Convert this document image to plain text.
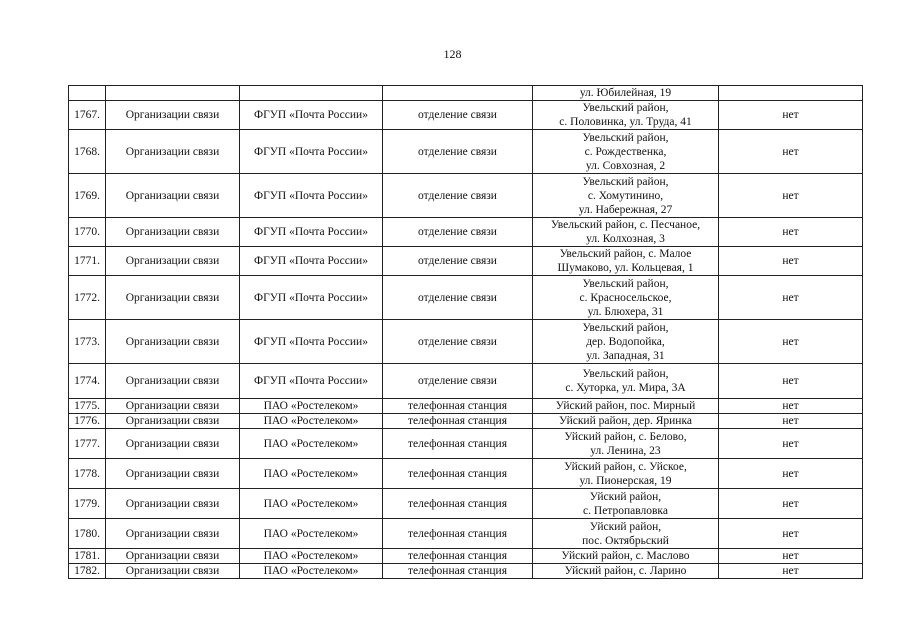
128

				ул. Юбилейная, 19	

1767.	Организации связи	ФГУП «Почта России»	отделение связи	Увельский район,
с. Половинка, ул. Труда, 41	нет
1768.	Организации связи	ФГУП «Почта России»	отделение связи	Увельский район,
с. Рождественка,
ул. Совхозная, 2	нет
1769.	Организации связи	ФГУП «Почта России»	отделение связи	Увельский район,
с. Хомутинино,
ул. Набережная, 27	нет
1770.	Организации связи	ФГУП «Почта России»	отделение связи	Увельский район, с. Песчаное,
ул. Колхозная, 3	нет
1771.	Организации связи	ФГУП «Почта России»	отделение связи	Увельский район, с. Малое
Шумаково, ул. Кольцевая, 1	нет
1772.	Организации связи	ФГУП «Почта России»	отделение связи	Увельский район,
с. Красносельское,
ул. Блюхера, 31	нет
1773.	Организации связи	ФГУП «Почта России»	отделение связи	Увельский район,
дер. Водопойка,
ул. Западная, 31	нет
1774.	Организации связи	ФГУП «Почта России»	отделение связи	Увельский район,
с. Хуторка, ул. Мира, 3А	нет
1775.	Организации связи	ПАО «Ростелеком»	телефонная станция	Уйский район, пос. Мирный	нет
1776.	Организации связи	ПАО «Ростелеком»	телефонная станция	Уйский район, дер. Яринка	нет
1777.	Организации связи	ПАО «Ростелеком»	телефонная станция	Уйский район, с. Белово,
ул. Ленина, 23	нет
1778.	Организации связи	ПАО «Ростелеком»	телефонная станция	Уйский район, с. Уйское,
ул. Пионерская, 19	нет
1779.	Организации связи	ПАО «Ростелеком»	телефонная станция	Уйский район,
с. Петропавловка	нет
1780.	Организации связи	ПАО «Ростелеком»	телефонная станция	Уйский район,
пос. Октябрьский	нет
1781.	Организации связи	ПАО «Ростелеком»	телефонная станция	Уйский район, с. Маслово	нет
1782.	Организации связи	ПАО «Ростелеком»	телефонная станция	Уйский район, с. Ларино	нет
